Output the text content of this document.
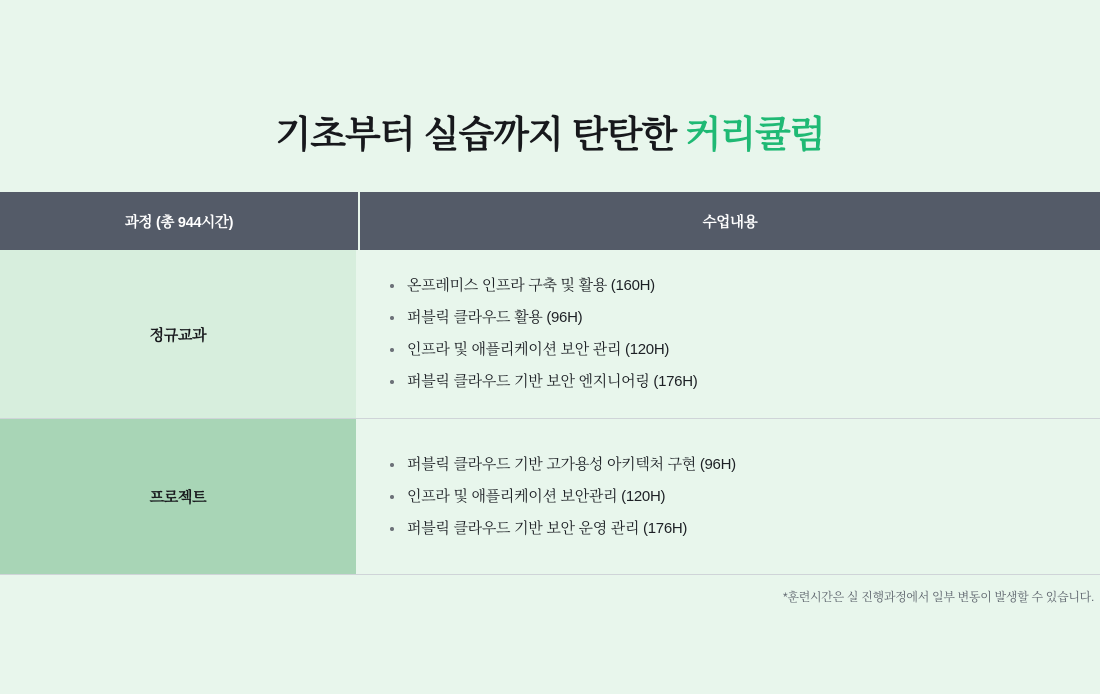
기초부터 실습까지 탄탄한 커리큘럼
과정 (총 944시간)	수업내용
정규교과
온프레미스 인프라 구축 및 활용 (160H)
퍼블릭 클라우드 활용 (96H)
인프라 및 애플리케이션 보안 관리 (120H)
퍼블릭 클라우드 기반 보안 엔지니어링 (176H)
프로젝트
퍼블릭 클라우드 기반 고가용성 아키텍처 구현 (96H)
인프라 및 애플리케이션 보안관리 (120H)
퍼블릭 클라우드 기반 보안 운영 관리 (176H)
*훈련시간은 실 진행과정에서 일부 변동이 발생할 수 있습니다.
